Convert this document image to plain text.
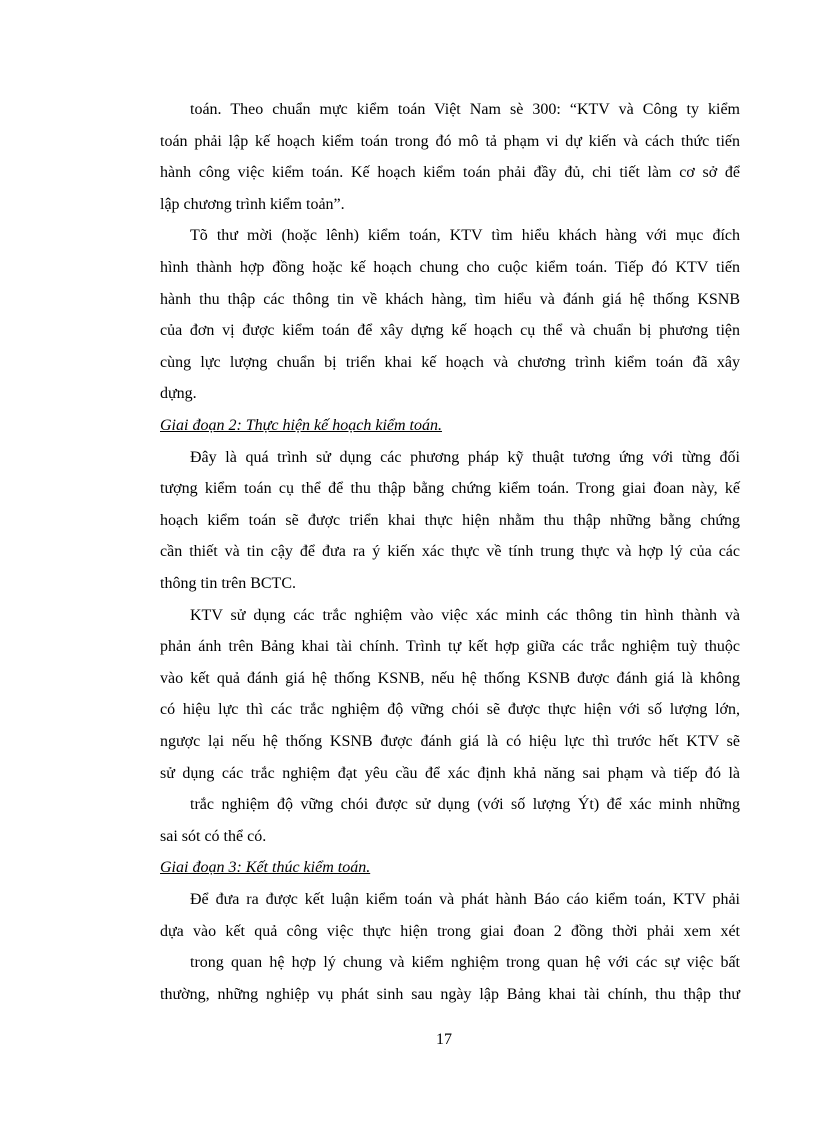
toán. Theo chuẩn mực kiểm toán Việt Nam sè 300: “KTV và Công ty kiểm
toán phải lập kế hoạch kiểm toán trong đó mô tả phạm vi dự kiến và cách thức tiến
hành công việc kiểm toán. Kế hoạch kiểm toán phải đầy đủ, chi tiết làm cơ sở để
lập chương trình kiểm toản”.
Tõ thư mời (hoặc lênh) kiểm toán, KTV tìm hiểu khách hàng với mục đích
hình thành hợp đồng hoặc kế hoạch chung cho cuộc kiểm toán. Tiếp đó KTV tiến
hành thu thập các thông tin về khách hàng, tìm hiểu và đánh giá hệ thống KSNB
của đơn vị được kiểm toán để xây dựng kế hoạch cụ thể và chuẩn bị phương tiện
cùng lực lượng chuẩn bị triển khai kế hoạch và chương trình kiểm toán đã xây
dựng.
Giai đoạn 2: Thực hiện kế hoạch kiểm toán.
Đây là quá trình sử dụng các phương pháp kỹ thuật tương ứng với từng đối
tượng kiểm toán cụ thể để thu thập bằng chứng kiểm toán. Trong giai đoan này, kế
hoạch kiểm toán sẽ được triển khai thực hiện nhằm thu thập những bằng chứng
cần thiết và tin cậy để đưa ra ý kiến xác thực về tính trung thực và hợp lý của các
thông tin trên BCTC.
KTV sử dụng các trắc nghiệm vào việc xác minh các thông tin hình thành và
phản ánh trên Bảng khai tài chính. Trình tự kết hợp giữa các trắc nghiệm tuỳ thuộc
vào kết quả đánh giá hệ thống KSNB, nếu hệ thống KSNB được đánh giá là không
có hiệu lực thì các trắc nghiệm độ vững chói sẽ được thực hiện với số lượng lớn,
ngược lại nếu hệ thống KSNB được đánh giá là có hiệu lực thì trước hết KTV sẽ
sử dụng các trắc nghiệm đạt yêu cầu để xác định khả năng sai phạm và tiếp đó là
trắc nghiệm độ vững chói được sử dụng (với số lượng Ýt) để xác minh những
sai sót có thể có.
Giai đoạn 3: Kết thúc kiểm toán.
Để đưa ra được kết luận kiểm toán và phát hành Báo cáo kiểm toán, KTV phải
dựa vào kết quả công việc thực hiện trong giai đoan 2 đồng thời phải xem xét
trong quan hệ hợp lý chung và kiểm nghiệm trong quan hệ với các sự việc bất
thường, những nghiệp vụ phát sinh sau ngày lập Bảng khai tài chính, thu thập thư
17
